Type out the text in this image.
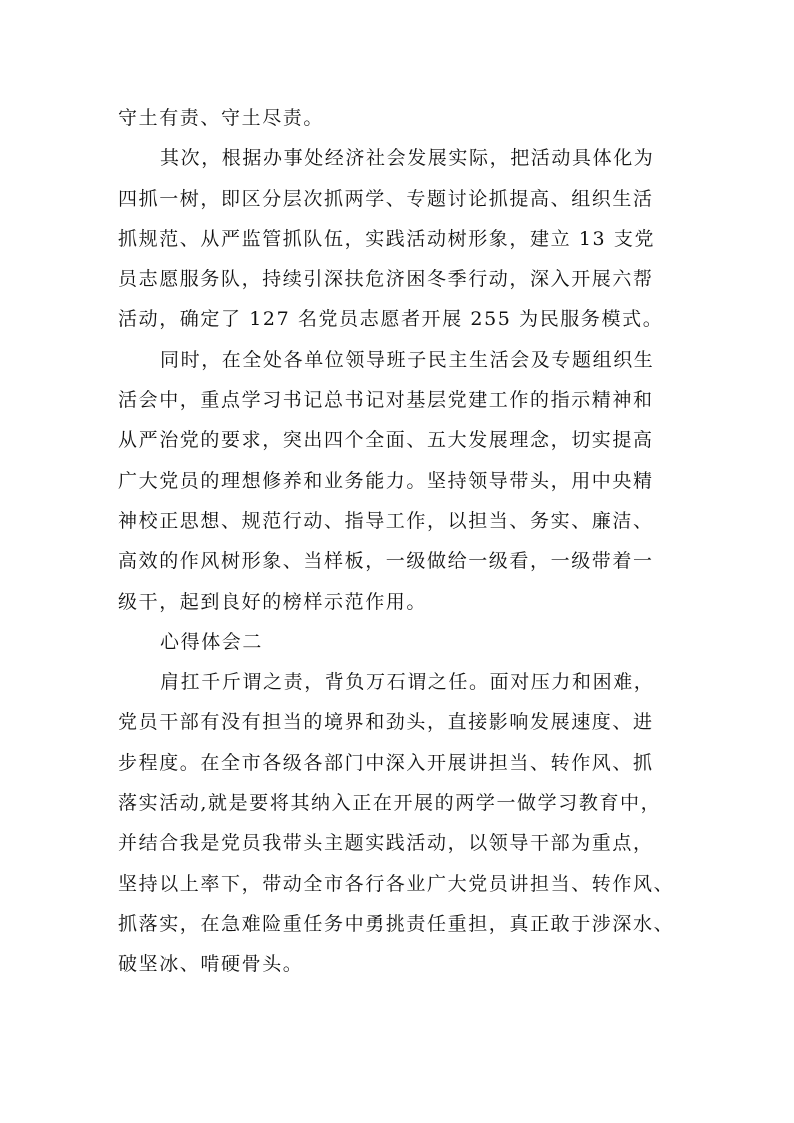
守土有责、守土尽责。
其次，根据办事处经济社会发展实际，把活动具体化为
四抓一树，即区分层次抓两学、专题讨论抓提高、组织生活
抓规范、从严监管抓队伍，实践活动树形象，建立 13 支党
员志愿服务队，持续引深扶危济困冬季行动，深入开展六帮
活动，确定了 127 名党员志愿者开展 255 为民服务模式。
同时，在全处各单位领导班子民主生活会及专题组织生
活会中，重点学习书记总书记对基层党建工作的指示精神和
从严治党的要求，突出四个全面、五大发展理念，切实提高
广大党员的理想修养和业务能力。坚持领导带头，用中央精
神校正思想、规范行动、指导工作，以担当、务实、廉洁、
高效的作风树形象、当样板，一级做给一级看，一级带着一
级干，起到良好的榜样示范作用。
心得体会二
肩扛千斤谓之责，背负万石谓之任。面对压力和困难，
党员干部有没有担当的境界和劲头，直接影响发展速度、进
步程度。在全市各级各部门中深入开展讲担当、转作风、抓
落实活动,就是要将其纳入正在开展的两学一做学习教育中，
并结合我是党员我带头主题实践活动，以领导干部为重点，
坚持以上率下，带动全市各行各业广大党员讲担当、转作风、
抓落实，在急难险重任务中勇挑责任重担，真正敢于涉深水、
破坚冰、啃硬骨头。
